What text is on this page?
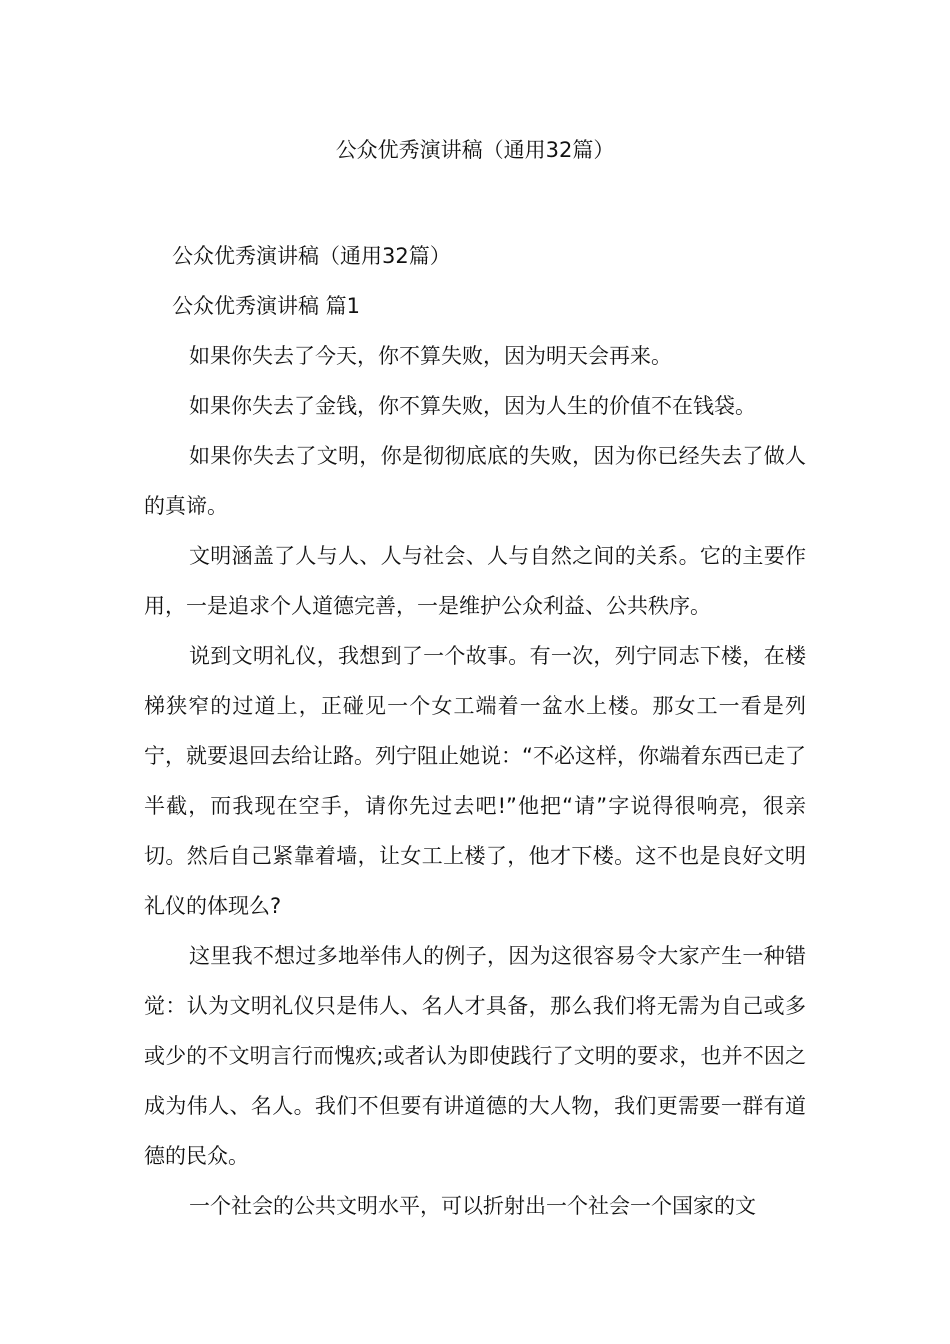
公众优秀演讲稿（通用32篇）
公众优秀演讲稿（通用32篇）
公众优秀演讲稿 篇1

如果你失去了今天，你不算失败，因为明天会再来。

如果你失去了金钱，你不算失败，因为人生的价值不在钱袋。

如果你失去了文明，你是彻彻底底的失败，因为你已经失去了做人的真谛。

文明涵盖了人与人、人与社会、人与自然之间的关系。它的主要作用，一是追求个人道德完善，一是维护公众利益、公共秩序。

说到文明礼仪，我想到了一个故事。有一次，列宁同志下楼，在楼梯狭窄的过道上，正碰见一个女工端着一盆水上楼。那女工一看是列宁，就要退回去给让路。列宁阻止她说：“不必这样，你端着东西已走了半截，而我现在空手，请你先过去吧!”他把“请”字说得很响亮，很亲切。然后自己紧靠着墙，让女工上楼了，他才下楼。这不也是良好文明礼仪的体现么?

这里我不想过多地举伟人的例子，因为这很容易令大家产生一种错觉：认为文明礼仪只是伟人、名人才具备，那么我们将无需为自己或多或少的不文明言行而愧疚;或者认为即使践行了文明的要求，也并不因之成为伟人、名人。我们不但要有讲道德的大人物，我们更需要一群有道德的民众。

一个社会的公共文明水平，可以折射出一个社会一个国家的文
